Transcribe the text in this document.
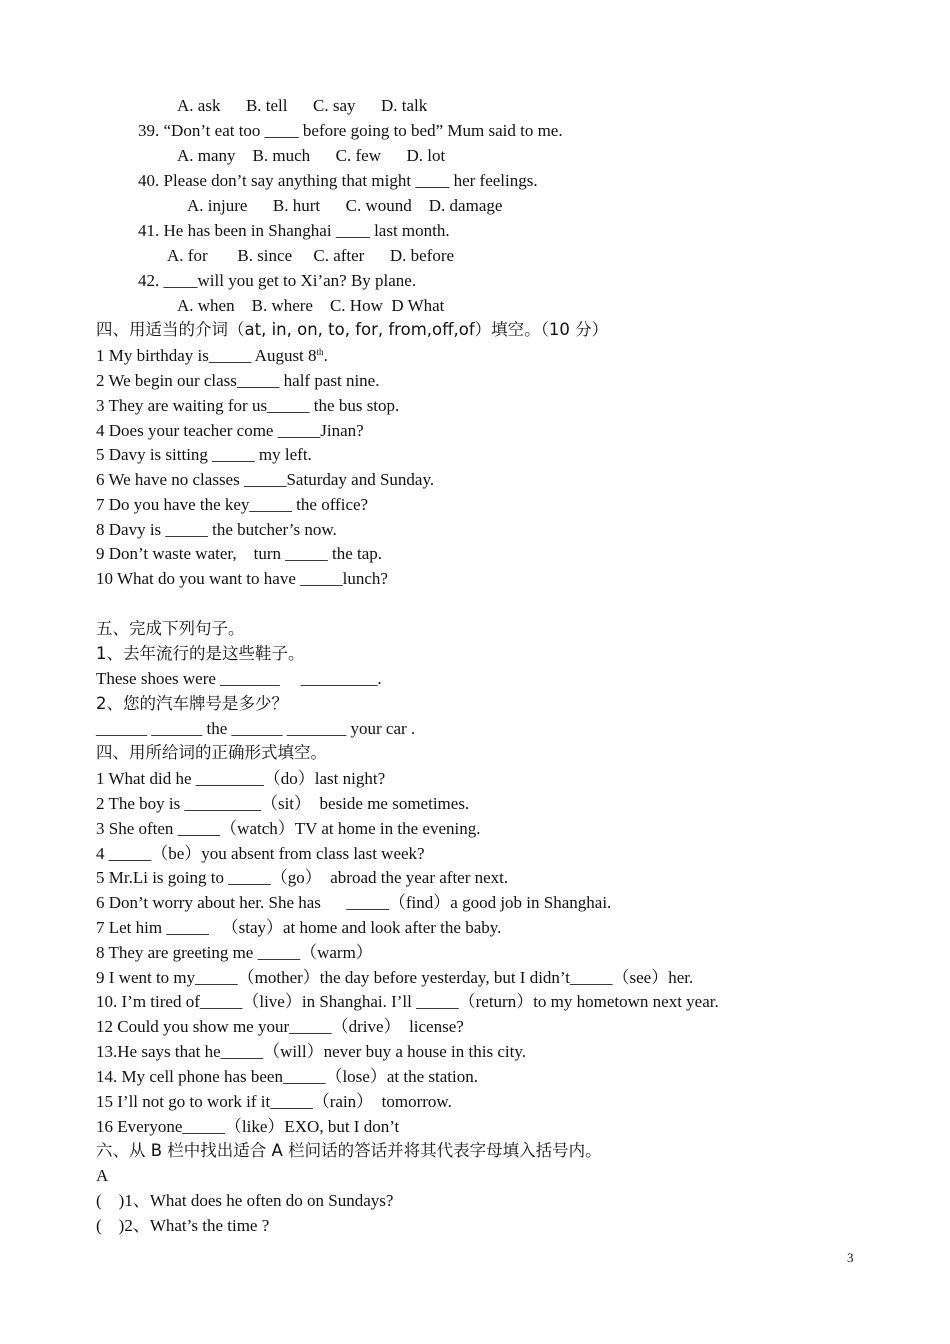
A. ask      B. tell      C. say      D. talk
39. “Don’t eat too ____ before going to bed” Mum said to me.
A. many    B. much      C. few      D. lot
40. Please don’t say anything that might ____ her feelings.
A. injure      B. hurt      C. wound    D. damage
41. He has been in Shanghai ____ last month.
A. for       B. since     C. after      D. before
42. ____will you get to Xi’an? By plane.
A. when    B. where    C. How  D What
四、用适当的介词（at, in, on, to, for, from,off,of）填空。（10 分）
1 My birthday is_____ August 8th.
2 We begin our class_____ half past nine.
3 They are waiting for us_____ the bus stop.
4 Does your teacher come _____Jinan?
5 Davy is sitting _____ my left.
6 We have no classes _____Saturday and Sunday.
7 Do you have the key_____ the office?
8 Davy is _____ the butcher’s now.
9 Don’t waste water,    turn _____ the tap.
10 What do you want to have _____lunch?
五、完成下列句子。
1、去年流行的是这些鞋子。
These shoes were _______     _________.
2、您的汽车牌号是多少？
______ ______ the ______ _______ your car .
四、用所给词的正确形式填空。
1 What did he ________（do）last night?
2 The boy is _________（sit）  beside me sometimes.
3 She often _____（watch）TV at home in the evening.
4 _____（be）you absent from class last week?
5 Mr.Li is going to _____（go）  abroad the year after next.
6 Don’t worry about her. She has      _____（find）a good job in Shanghai.
7 Let him _____   （stay）at home and look after the baby.
8 They are greeting me _____（warm）
9 I went to my_____（mother）the day before yesterday, but I didn’t_____（see）her.
10. I’m tired of_____（live）in Shanghai. I’ll _____（return）to my hometown next year.
12 Could you show me your_____（drive）  license?
13.He says that he_____（will）never buy a house in this city.
14. My cell phone has been_____（lose）at the station.
15 I’ll not go to work if it_____（rain）  tomorrow.
16 Everyone_____（like）EXO, but I don’t
六、从 B 栏中找出适合 A 栏问话的答话并将其代表字母填入括号内。
A
(    )1、What does he often do on Sundays?
(    )2、What’s the time ?
3
